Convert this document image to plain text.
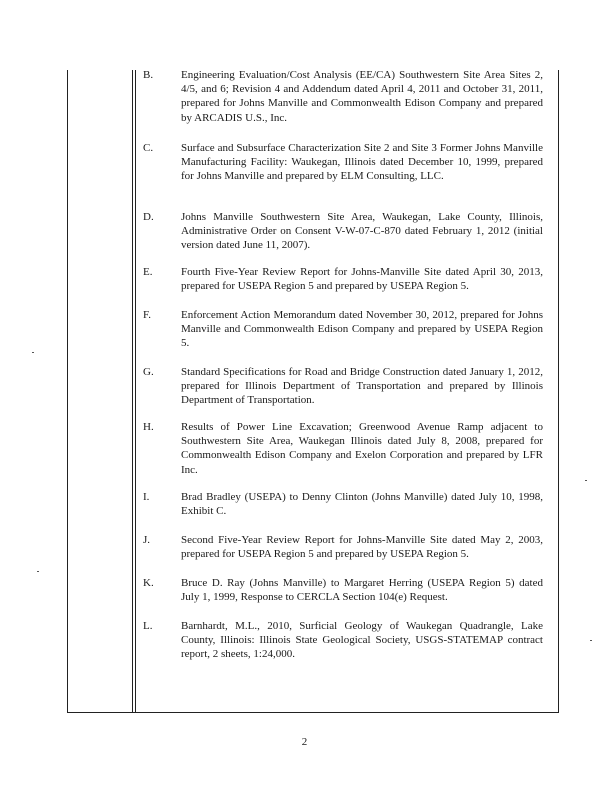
B.	Engineering Evaluation/Cost Analysis (EE/CA) Southwestern Site Area Sites 2, 4/5, and 6; Revision 4 and Addendum dated April 4, 2011 and October 31, 2011, prepared for Johns Manville and Commonwealth Edison Company and prepared by ARCADIS U.S., Inc.
C.	Surface and Subsurface Characterization Site 2 and Site 3 Former Johns Manville Manufacturing Facility: Waukegan, Illinois dated December 10, 1999, prepared for Johns Manville and prepared by ELM Consulting, LLC.
D.	Johns Manville Southwestern Site Area, Waukegan, Lake County, Illinois, Administrative Order on Consent V-W-07-C-870 dated February 1, 2012 (initial version dated June 11, 2007).
E.	Fourth Five-Year Review Report for Johns-Manville Site dated April 30, 2013, prepared for USEPA Region 5 and prepared by USEPA Region 5.
F.	Enforcement Action Memorandum dated November 30, 2012, prepared for Johns Manville and Commonwealth Edison Company and prepared by USEPA Region 5.
G.	Standard Specifications for Road and Bridge Construction dated January 1, 2012, prepared for Illinois Department of Transportation and prepared by Illinois Department of Transportation.
H.	Results of Power Line Excavation; Greenwood Avenue Ramp adjacent to Southwestern Site Area, Waukegan Illinois dated July 8, 2008, prepared for Commonwealth Edison Company and Exelon Corporation and prepared by LFR Inc.
I.	Brad Bradley (USEPA) to Denny Clinton (Johns Manville) dated July 10, 1998, Exhibit C.
J.	Second Five-Year Review Report for Johns-Manville Site dated May 2, 2003, prepared for USEPA Region 5 and prepared by USEPA Region 5.
K.	Bruce D. Ray (Johns Manville) to Margaret Herring (USEPA Region 5) dated July 1, 1999, Response to CERCLA Section 104(e) Request.
L.	Barnhardt, M.L., 2010, Surficial Geology of Waukegan Quadrangle, Lake County, Illinois: Illinois State Geological Society, USGS-STATEMAP contract report, 2 sheets, 1:24,000.
2
